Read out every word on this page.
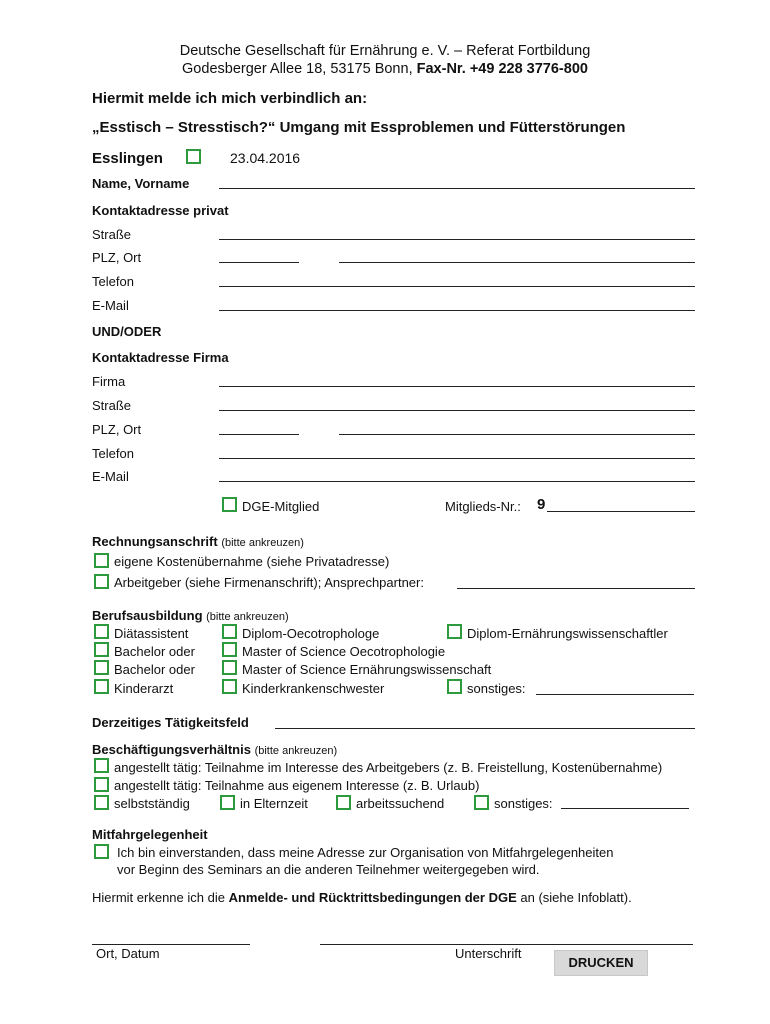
Deutsche Gesellschaft für Ernährung e. V. – Referat Fortbildung
Godesberger Allee 18, 53175 Bonn, Fax-Nr. +49 228 3776-800
Hiermit melde ich mich verbindlich an:
„Esstisch – Stresstisch?“ Umgang mit Essproblemen und Fütterstörungen
Esslingen	23.04.2016
Name, Vorname
Kontaktadresse privat
Straße
PLZ, Ort
Telefon
E-Mail
UND/ODER
Kontaktadresse Firma
Firma
Straße
PLZ, Ort
Telefon
E-Mail
DGE-Mitglied	Mitglieds-Nr.: 9
Rechnungsanschrift (bitte ankreuzen)
eigene Kostenübernahme (siehe Privatadresse)
Arbeitgeber (siehe Firmenanschrift); Ansprechpartner:
Berufsausbildung (bitte ankreuzen)
Diätassistent	Diplom-Oecotrophologe	Diplom-Ernährungswissenschaftler
Bachelor oder	Master of Science Oecotrophologie
Bachelor oder	Master of Science Ernährungswissenschaft
Kinderarzt	Kinderkrankenschwester	sonstiges:
Derzeitiges Tätigkeitsfeld
Beschäftigungsverhältnis (bitte ankreuzen)
angestellt tätig: Teilnahme im Interesse des Arbeitgebers (z. B. Freistellung, Kostenübernahme)
angestellt tätig: Teilnahme aus eigenem Interesse (z. B. Urlaub)
selbstständig	in Elternzeit	arbeitssuchend	sonstiges:
Mitfahrgelegenheit
Ich bin einverstanden, dass meine Adresse zur Organisation von Mitfahrgelegenheiten
vor Beginn des Seminars an die anderen Teilnehmer weitergegeben wird.
Hiermit erkenne ich die Anmelde- und Rücktrittsbedingungen der DGE an (siehe Infoblatt).
Ort, Datum	Unterschrift
DRUCKEN
